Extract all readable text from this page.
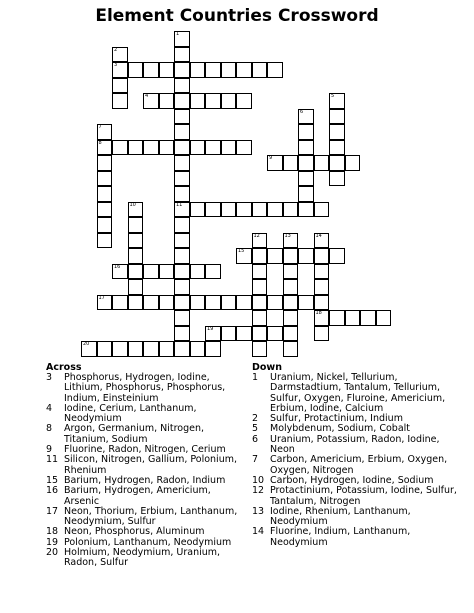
Element Countries Crossword
3
4
8
9
11
15
16
17
18
19
20
1
2
5
6
7
10
12	13	14
Across
3	Phosphorus, Hydrogen, Iodine, Lithium, Phosphorus, Phosphorus, Indium, Einsteinium
4	Iodine, Cerium, Lanthanum, Neodymium
8	Argon, Germanium, Nitrogen, Titanium, Sodium
9	Fluorine, Radon, Nitrogen, Cerium
11 Silicon, Nitrogen, Gallium, Polonium, Rhenium
15 Barium, Hydrogen, Radon, Indium
16 Barium, Hydrogen, Americium, Arsenic
17 Neon, Thorium, Erbium, Lanthanum, Neodymium, Sulfur
18 Neon, Phosphorus, Aluminum
19 Polonium, Lanthanum, Neodymium
20 Holmium, Neodymium, Uranium, Radon, Sulfur
Down
1	Uranium, Nickel, Tellurium, Darmstadtium, Tantalum, Tellurium, Sulfur, Oxygen, Fluroine, Americium, Erbium, Iodine, Calcium
2	Sulfur, Protactinium, Indium
5	Molybdenum, Sodium, Cobalt
6	Uranium, Potassium, Radon, Iodine, Neon
7	Carbon, Americium, Erbium, Oxygen, Oxygen, Nitrogen
10 Carbon, Hydrogen, Iodine, Sodium
12 Protactinium, Potassium, Iodine, Sulfur, Tantalum, Nitrogen
13 Iodine, Rhenium, Lanthanum, Neodymium
14 Fluorine, Indium, Lanthanum, Neodymium
